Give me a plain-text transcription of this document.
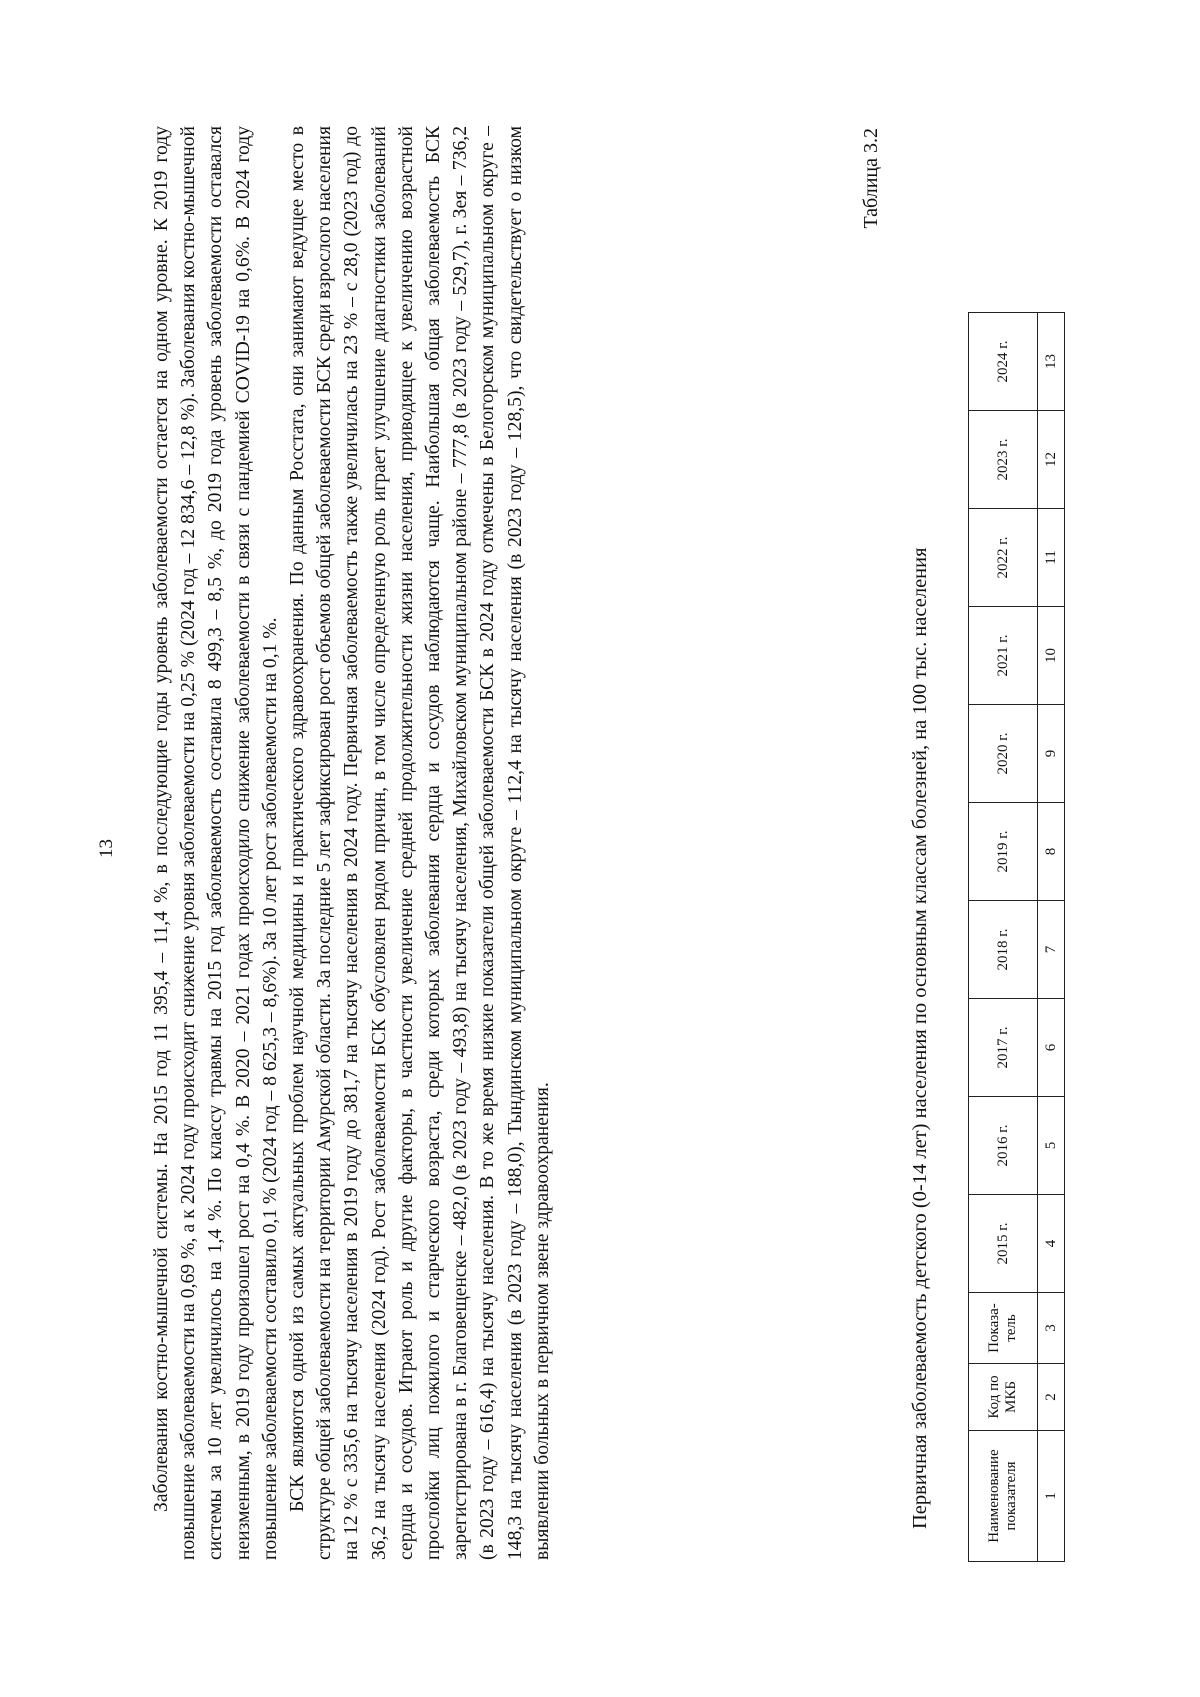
13 Заболевания костно-мышечной системы. На 2015 год 11 395,4 – 11,4 %, в последующие годы уровень заболеваемости остается на одном уровне. К 2019 году повышение заболеваемости на 0,69 %, а к 2024 году происходит снижение уровня заболеваемости на 0,25 % (2024 год – 12 834,6 – 12,8 %). Заболевания костно-мышечной системы за 10 лет увеличилось на 1,4 %. По классу травмы на 2015 год заболеваемость составила 8 499,3 – 8,5 %, до 2019 года уровень заболеваемости оставался неизменным, в 2019 году произошел рост на 0,4 %. В 2020 – 2021 годах происходило снижение заболеваемости в связи с пандемией COVID-19 на 0,6%. В 2024 году повышение заболеваемости составило 0,1 % (2024 год – 8 625,3 – 8,6%). За 10 лет рост заболеваемости на 0,1 %. БСК являются одной из самых актуальных проблем научной медицины и практического здравоохранения. По данным Росстата, они занимают ведущее место в структуре общей заболеваемости на территории Амурской области. За последние 5 лет зафиксирован рост объемов общей заболеваемости БСК среди взрослого населения на 12 % с 335,6 на тысячу населения в 2019 году до 381,7 на тысячу населения в 2024 году. Первичная заболеваемость также увеличилась на 23 % – с 28,0 (2023 год) до 36,2 на тысячу населения (2024 год). Рост заболеваемости БСК обусловлен рядом причин, в том числе определенную роль играет улучшение диагностики заболеваний сердца и сосудов. Играют роль и другие факторы, в частности увеличение средней продолжительности жизни населения, приводящее к увеличению возрастной прослойки лиц пожилого и старческого возраста, среди которых заболевания сердца и сосудов наблюдаются чаще. Наибольшая общая заболеваемость БСК зарегистрирована в г. Благовещенске – 482,0 (в 2023 году – 493,8) на тысячу населения, Михайловском муниципальном районе – 777,8 (в 2023 году – 529,7), г. Зея – 736,2 (в 2023 году – 616,4) на тысячу населения. В то же время низкие показатели общей заболеваемости БСК в 2024 году отмечены в Белогорском муниципальном округе – 148,3 на тысячу населения (в 2023 году – 188,0), Тындинском муниципальном округе – 112,4 на тысячу населения (в 2023 году – 128,5), что свидетельствует о низком выявлении больных в первичном звене здравоохранения.

Таблица 3.2
Первичная заболеваемость детского (0-14 лет) населения по основным классам болезней, на 100 тыс. населения	Наименование показателя	Код по МКБ	Показа-тель	2015 г.	2016 г.	2017 г.	2018 г.	2019 г.	2020 г.	2021 г.	2022 г.	2023 г.	2024 г.
1	2	3	4	5	6	7	8	9	10	11	12	13
